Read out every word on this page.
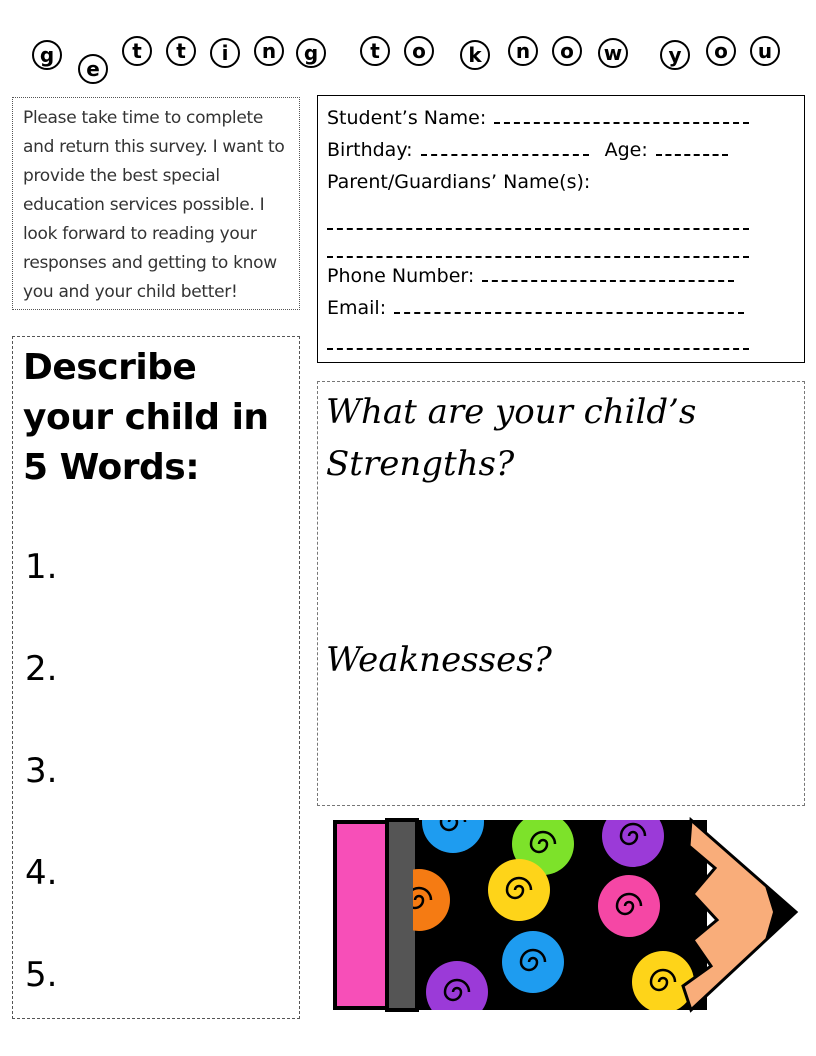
g
e
t	t	i	n	g	t	o	k	n	o	w	y	o	u
Please take time to complete and return this survey. I want to provide the best special education services possible. I look forward to reading your responses and getting to know you and your child better!
Student’s Name:
Birthday:	Age:
Parent/Guardians’ Name(s):
Phone Number:
Email:
Describe your child in 5 Words:
1.
2.
3.
4.
5.
What are your child’s Strengths?
Weaknesses?
